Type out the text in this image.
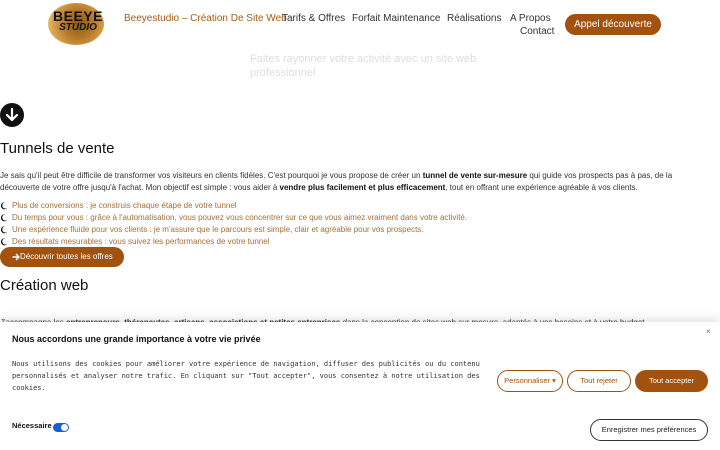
BEEYE
STUDIO
Beeyestudio – Création De Site Web
Tarifs & Offres Forfait Maintenance Réalisations A Propos
Contact
Appel découverte
Faites rayonner votre activité avec un site web professionnel
Tunnels de vente
Je sais qu'il peut être difficile de transformer vos visiteurs en clients fidèles. C'est pourquoi je vous propose de créer un tunnel de vente sur-mesure qui guide vos prospects pas à pas, de la découverte de votre offre jusqu'à l'achat. Mon objectif est simple : vous aider à vendre plus facilement et plus efficacement, tout en offrant une expérience agréable à vos clients.
Plus de conversions : je construis chaque étape de votre tunnel
Du temps pour vous : grâce à l'automatisation, vous pouvez vous concentrer sur ce que vous aimez vraiment dans votre activité.
Une expérience fluide pour vos clients : je m'assure que le parcours est simple, clair et agréable pour vos prospects.
Des résultats mesurables : vous suivez les performances de votre tunnel
Découvrir toutes les offres
Création web
×
Nous accordons une grande importance à votre vie privée
Nous utilisons des cookies pour améliorer votre expérience de navigation, diffuser des publicités ou du contenu personnalisés et analyser notre trafic. En cliquant sur "Tout accepter", vous consentez à notre utilisation des cookies.
Personnaliser ▾	Tout rejeter	Tout accepter
Nécessaire	Enregistrer mes préférences
